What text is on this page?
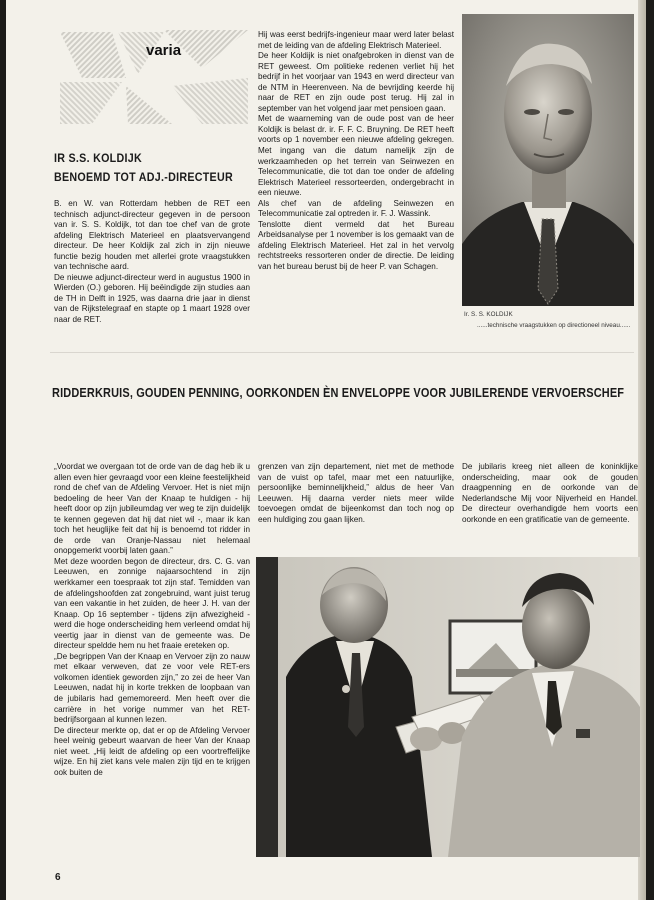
varia
IR S.S. KOLDIJK
BENOEMD TOT ADJ.-DIRECTEUR

B. en W. van Rotterdam hebben de RET een technisch adjunct-directeur gegeven in de persoon van ir. S. S. Koldijk, tot dan toe chef van de grote afdeling Elektrisch Materieel en plaatsvervangend directeur. De heer Koldijk zal zich in zijn nieuwe functie bezig houden met allerlei grote vraagstukken van technische aard.

De nieuwe adjunct-directeur werd in augustus 1900 in Wierden (O.) geboren. Hij beëindigde zijn studies aan de TH in Delft in 1925, was daarna drie jaar in dienst van de Rijkstelegraaf en stapte op 1 maart 1928 over naar de RET.

Hij was eerst bedrijfs-ingenieur maar werd later belast met de leiding van de afdeling Elektrisch Materieel.

De heer Koldijk is niet onafgebroken in dienst van de RET geweest. Om politieke redenen verliet hij het bedrijf in het voorjaar van 1943 en werd directeur van de NTM in Heerenveen. Na de bevrijding keerde hij naar de RET en zijn oude post terug. Hij zal in september van het volgend jaar met pensioen gaan.

Met de waarneming van de oude post van de heer Koldijk is belast dr. ir. F. F. C. Bruyning. De RET heeft voorts op 1 november een nieuwe afdeling gekregen. Met ingang van die datum namelijk zijn de werkzaamheden op het terrein van Seinwezen en Telecommunicatie, die tot dan toe onder de afdeling Elektrisch Materieel ressorteerden, ondergebracht in een nieuwe.

Als chef van de afdeling Seinwezen en Telecommunicatie zal optreden ir. F. J. Wassink.

Tenslotte dient vermeld dat het Bureau Arbeidsanalyse per 1 november is los gemaakt van de afdeling Elektrisch Materieel. Het zal in het vervolg rechtstreeks ressorteren onder de directie. De leiding van het bureau berust bij de heer P. van Schagen.

Ir. S. S. KOLDIJK
......technische vraagstukken op directioneel niveau......
RIDDERKRUIS, GOUDEN PENNING, OORKONDEN ÈN ENVELOPPE VOOR JUBILERENDE VERVOERSCHEF

„Voordat we overgaan tot de orde van de dag heb ik u allen even hier gevraagd voor een kleine feestelijkheid rond de chef van de Afdeling Vervoer. Het is niet mijn bedoeling de heer Van der Knaap te huldigen - hij heeft door op zijn jubileumdag ver weg te zijn duidelijk te kennen gegeven dat hij dat niet wil -, maar ik kan toch het heuglijke feit dat hij is benoemd tot ridder in de orde van Oranje-Nassau niet helemaal onopgemerkt voorbij laten gaan.”

Met deze woorden begon de directeur, drs. C. G. van Leeuwen, en zonnige najaarsochtend in zijn werkkamer een toespraak tot zijn staf. Temidden van de afdelingshoofden zat zongebruind, want juist terug van een vakantie in het zuiden, de heer J. H. van der Knaap. Op 16 september - tijdens zijn afwezigheid - werd die hoge onderscheiding hem verleend omdat hij veertig jaar in dienst van de gemeente was. De directeur speldde hem nu het fraaie ereteken op.

„De begrippen Van der Knaap en Vervoer zijn zo nauw met elkaar verweven, dat ze voor vele RET-ers volkomen identiek geworden zijn,” zo zei de heer Van Leeuwen, nadat hij in korte trekken de loopbaan van de jubilaris had gememoreerd. Men heeft over die carrière in het vorige nummer van het RET-bedrijfsorgaan al kunnen lezen.

De directeur merkte op, dat er op de Afdeling Vervoer heel weinig gebeurt waarvan de heer Van der Knaap niet weet. „Hij leidt de afdeling op een voortreffelijke wijze. En hij ziet kans vele malen zijn tijd en te krijgen ook buiten de

grenzen van zijn departement, niet met de methode van de vuist op tafel, maar met een natuurlijke, persoonlijke beminnelijkheid,” aldus de heer Van Leeuwen. Hij daarna verder niets meer wilde toevoegen omdat de bijeenkomst dan toch nog op een huldiging zou gaan lijken.

De jubilaris kreeg niet alleen de koninklijke onderscheiding, maar ook de gouden draagpenning en de oorkonde van de Nederlandsche Mij voor Nijverheid en Handel. De directeur overhandigde hem voorts een oorkonde en een gratificatie van de gemeente.

6
